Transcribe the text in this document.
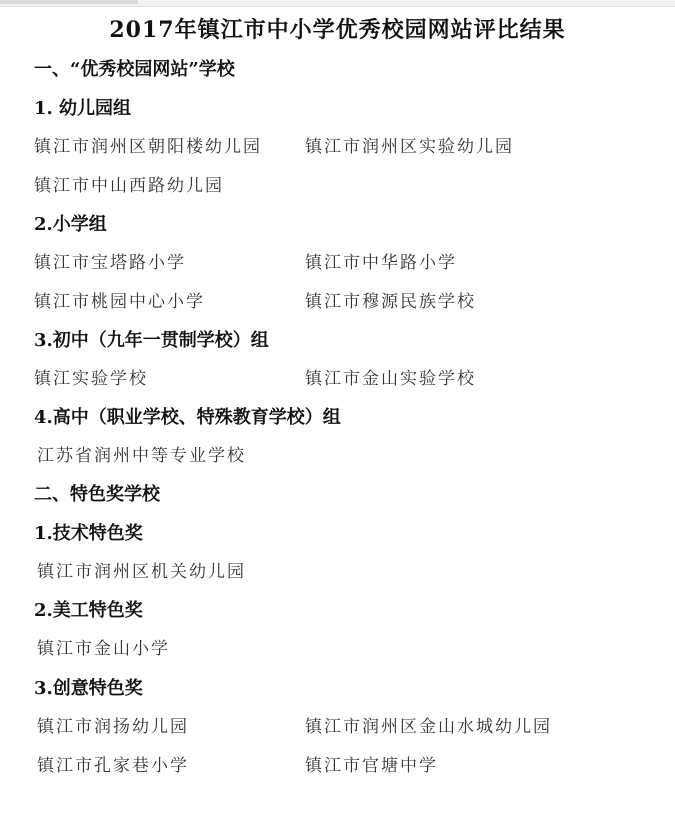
2017年镇江市中小学优秀校园网站评比结果
一、“优秀校园网站”学校
1. 幼儿园组
镇江市润州区朝阳楼幼儿园	镇江市润州区实验幼儿园
镇江市中山西路幼儿园
2.小学组
镇江市宝塔路小学	镇江市中华路小学
镇江市桃园中心小学	镇江市穆源民族学校
3.初中（九年一贯制学校）组
镇江实验学校	镇江市金山实验学校
4.高中（职业学校、特殊教育学校）组
江苏省润州中等专业学校
二、特色奖学校
1.技术特色奖
镇江市润州区机关幼儿园
2.美工特色奖
镇江市金山小学
3.创意特色奖
镇江市润扬幼儿园	镇江市润州区金山水城幼儿园
镇江市孔家巷小学	镇江市官塘中学
